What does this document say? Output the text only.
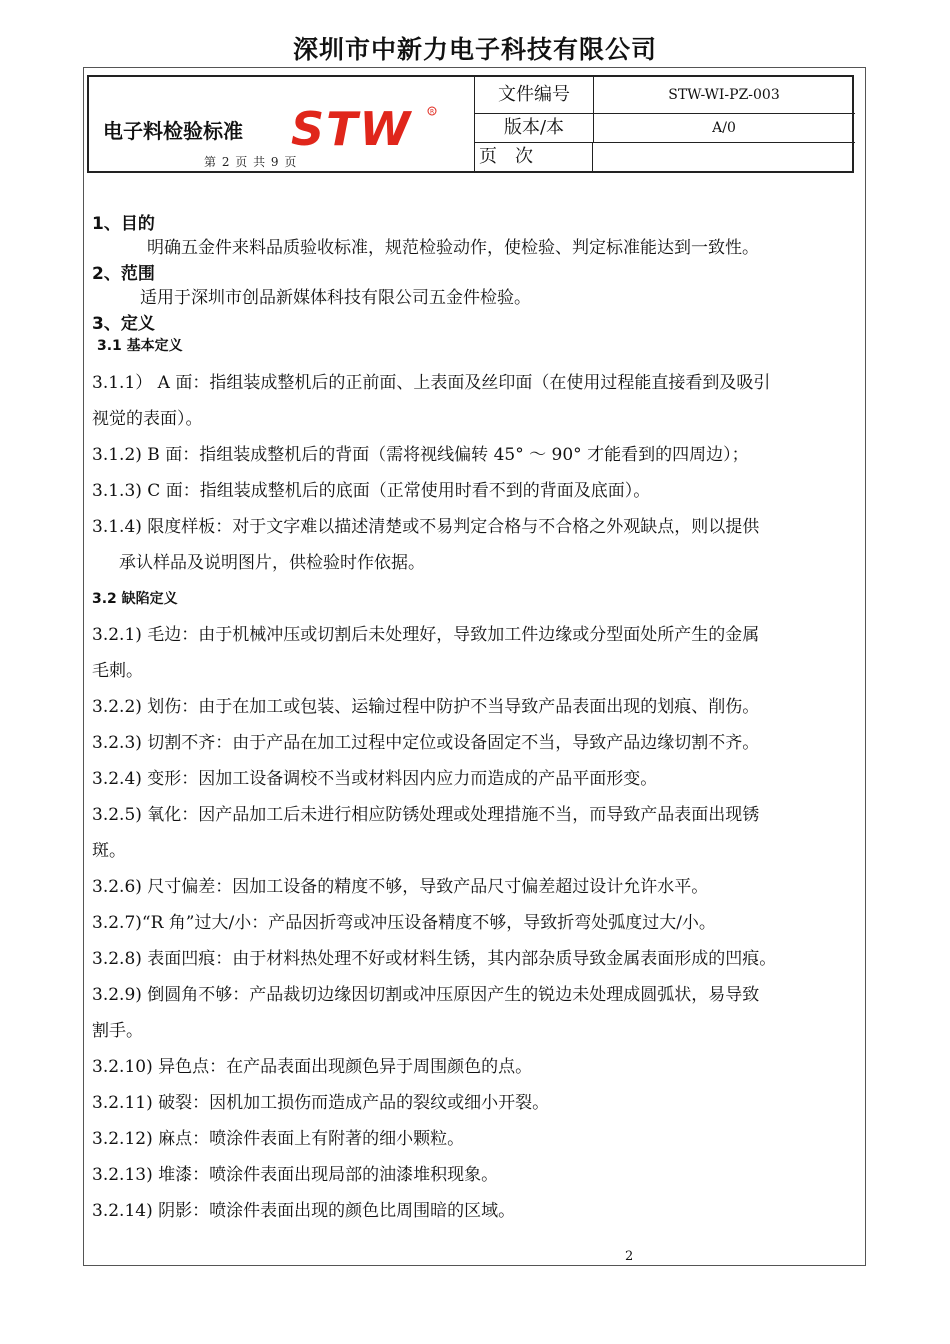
深圳市中新力电子科技有限公司
电子料检验标准 STW	R
第 2 页 共 9 页
文件编号	STW-WI-PZ-003
版本/本	A/0
页　次
1、目的
明确五金件来料品质验收标准，规范检验动作，使检验、判定标准能达到一致性。
2、范围
适用于深圳市创品新媒体科技有限公司五金件检验。
3、定义
3.1 基本定义
3.1.1） A 面：指组装成整机后的正前面、上表面及丝印面（在使用过程能直接看到及吸引
视觉的表面）。
3.1.2) B 面：指组装成整机后的背面（需将视线偏转 45° ～ 90° 才能看到的四周边）；
3.1.3) C 面：指组装成整机后的底面（正常使用时看不到的背面及底面）。
3.1.4) 限度样板：对于文字难以描述清楚或不易判定合格与不合格之外观缺点，则以提供
承认样品及说明图片，供检验时作依据。
3.2 缺陷定义
3.2.1) 毛边：由于机械冲压或切割后未处理好，导致加工件边缘或分型面处所产生的金属
毛刺。
3.2.2) 划伤：由于在加工或包装、运输过程中防护不当导致产品表面出现的划痕、削伤。
3.2.3) 切割不齐：由于产品在加工过程中定位或设备固定不当，导致产品边缘切割不齐。
3.2.4) 变形：因加工设备调校不当或材料因内应力而造成的产品平面形变。
3.2.5) 氧化：因产品加工后未进行相应防锈处理或处理措施不当，而导致产品表面出现锈
斑。
3.2.6) 尺寸偏差：因加工设备的精度不够，导致产品尺寸偏差超过设计允许水平。
3.2.7)“R 角”过大/小：产品因折弯或冲压设备精度不够，导致折弯处弧度过大/小。
3.2.8) 表面凹痕：由于材料热处理不好或材料生锈，其内部杂质导致金属表面形成的凹痕。
3.2.9) 倒圆角不够：产品裁切边缘因切割或冲压原因产生的锐边未处理成圆弧状，易导致
割手。
3.2.10) 异色点：在产品表面出现颜色异于周围颜色的点。
3.2.11) 破裂：因机加工损伤而造成产品的裂纹或细小开裂。
3.2.12) 麻点：喷涂件表面上有附著的细小颗粒。
3.2.13) 堆漆：喷涂件表面出现局部的油漆堆积现象。
3.2.14) 阴影：喷涂件表面出现的颜色比周围暗的区域。
2
